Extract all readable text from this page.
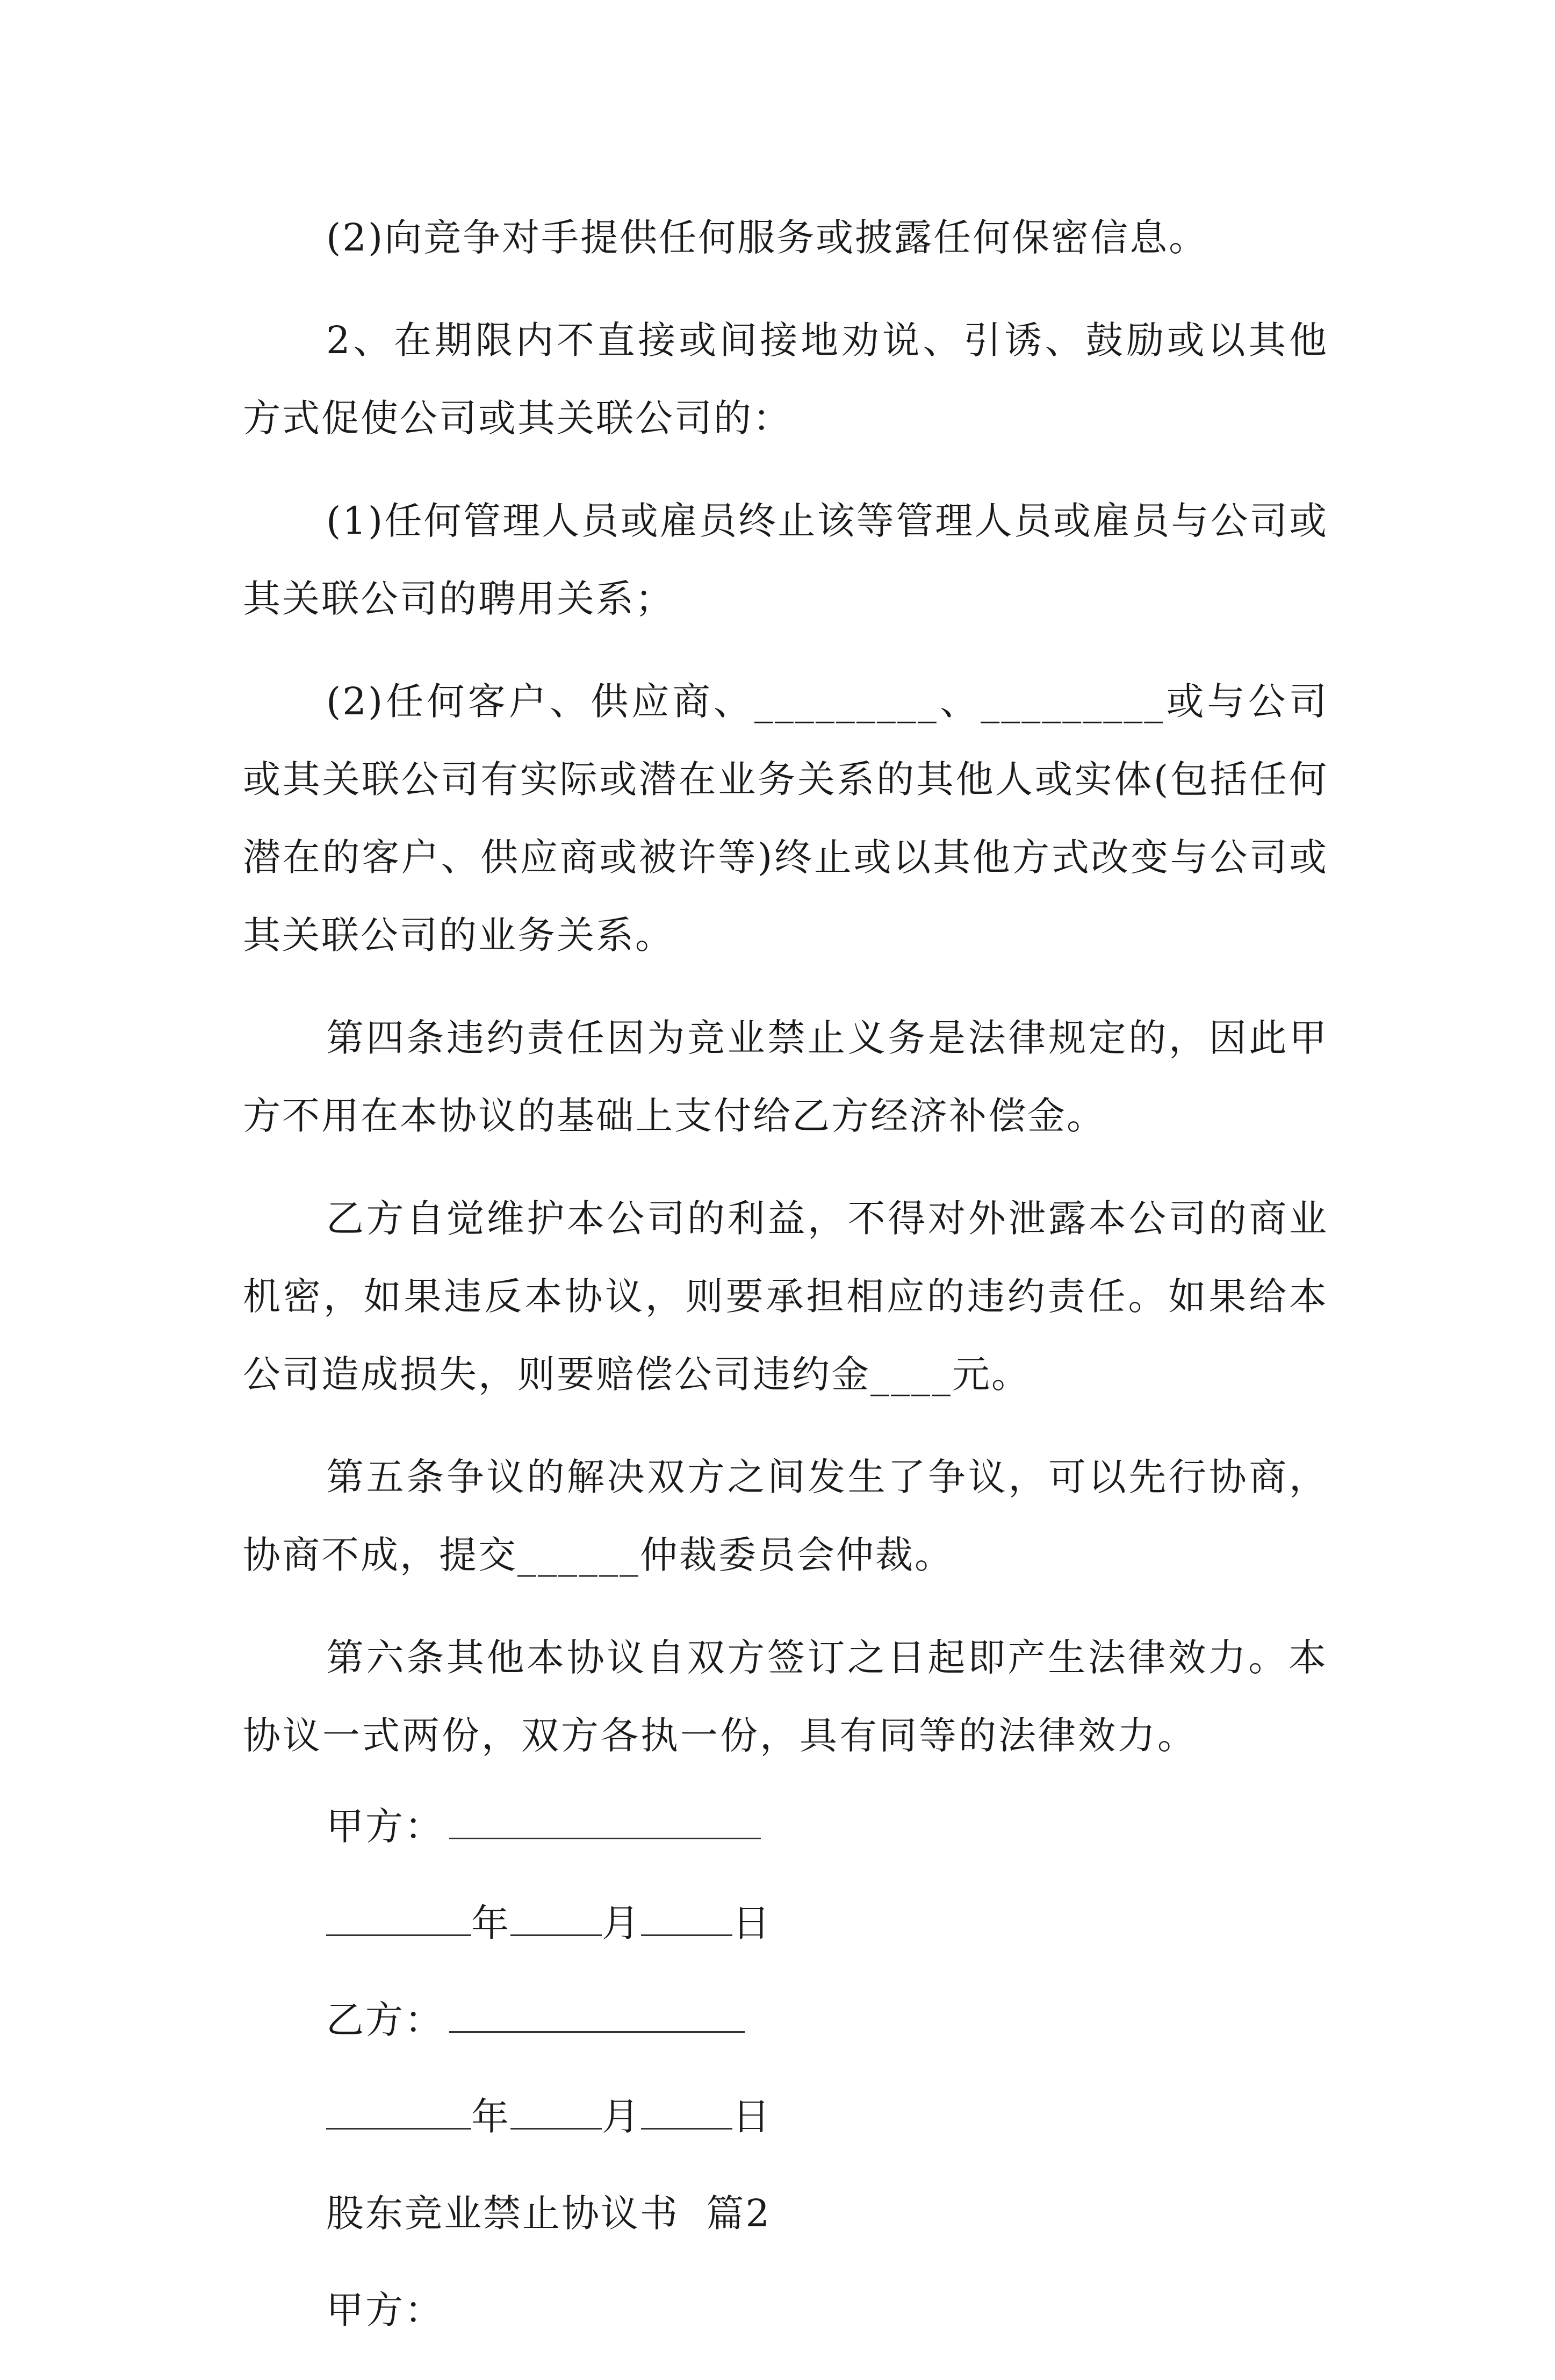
(2)向竞争对手提供任何服务或披露任何保密信息。

2、在期限内不直接或间接地劝说、引诱、鼓励或以其他方式促使公司或其关联公司的：

(1)任何管理人员或雇员终止该等管理人员或雇员与公司或其关联公司的聘用关系；

(2)任何客户、供应商、_________、_________或与公司或其关联公司有实际或潜在业务关系的其他人或实体(包括任何潜在的客户、供应商或被许等)终止或以其他方式改变与公司或其关联公司的业务关系。

第四条违约责任因为竞业禁止义务是法律规定的，因此甲方不用在本协议的基础上支付给乙方经济补偿金。

乙方自觉维护本公司的利益，不得对外泄露本公司的商业机密，如果违反本协议，则要承担相应的违约责任。如果给本公司造成损失，则要赔偿公司违约金____元。

第五条争议的解决双方之间发生了争议，可以先行协商，协商不成，提交______仲裁委员会仲裁。

第六条其他本协议自双方签订之日起即产生法律效力。本协议一式两份，双方各执一份，具有同等的法律效力。

甲方：
年 月 日
乙方：
年 月 日
股东竞业禁止协议书  篇2
甲方：
